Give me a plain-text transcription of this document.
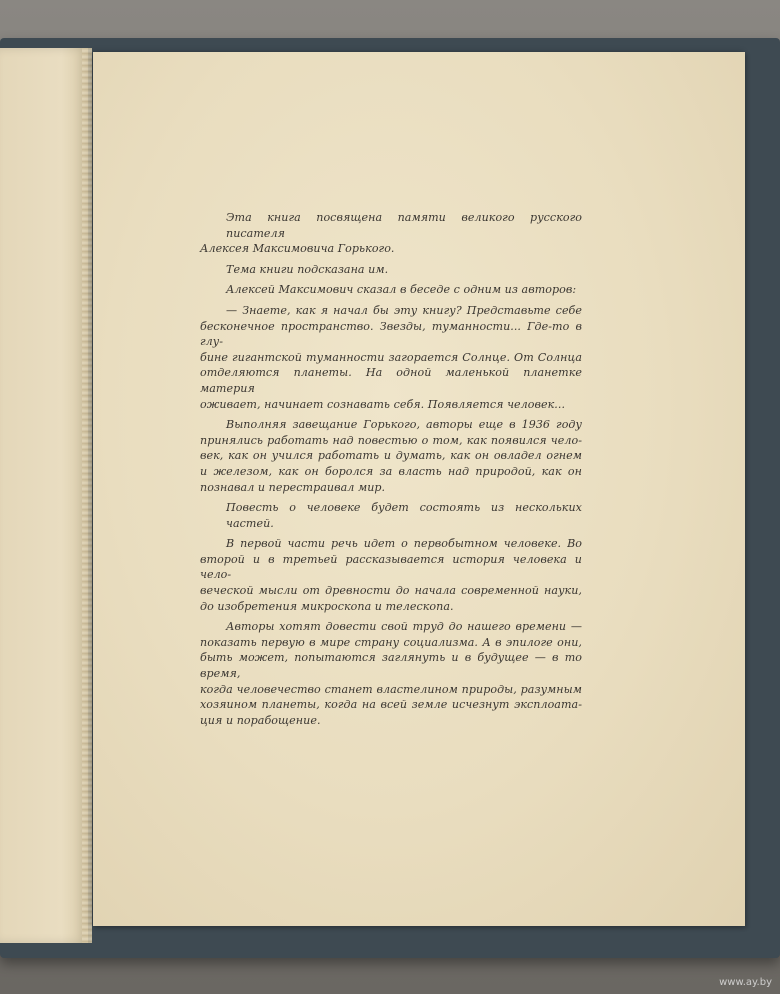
Эта книга посвящена памяти великого русского писателя
Алексея Максимовича Горького.
Тема книги подсказана им.
Алексей Максимович сказал в беседе с одним из авторов:
— Знаете, как я начал бы эту книгу? Представьте себе
бесконечное пространство. Звезды, туманности... Где-то в глу-
бине гигантской туманности загорается Солнце. От Солнца
отделяются планеты. На одной маленькой планетке материя
оживает, начинает сознавать себя. Появляется человек...
Выполняя завещание Горького, авторы еще в 1936 году
принялись работать над повестью о том, как появился чело-
век, как он учился работать и думать, как он овладел огнем
и железом, как он боролся за власть над природой, как он
познавал и перестраивал мир.
Повесть о человеке будет состоять из нескольких частей.
В первой части речь идет о первобытном человеке. Во
второй и в третьей рассказывается история человека и чело-
веческой мысли от древности до начала современной науки,
до изобретения микроскопа и телескопа.
Авторы хотят довести свой труд до нашего времени —
показать первую в мире страну социализма. А в эпилоге они,
быть может, попытаются заглянуть и в будущее — в то время,
когда человечество станет властелином природы, разумным
хозяином планеты, когда на всей земле исчезнут эксплоата-
ция и порабощение.
www.ay.by
